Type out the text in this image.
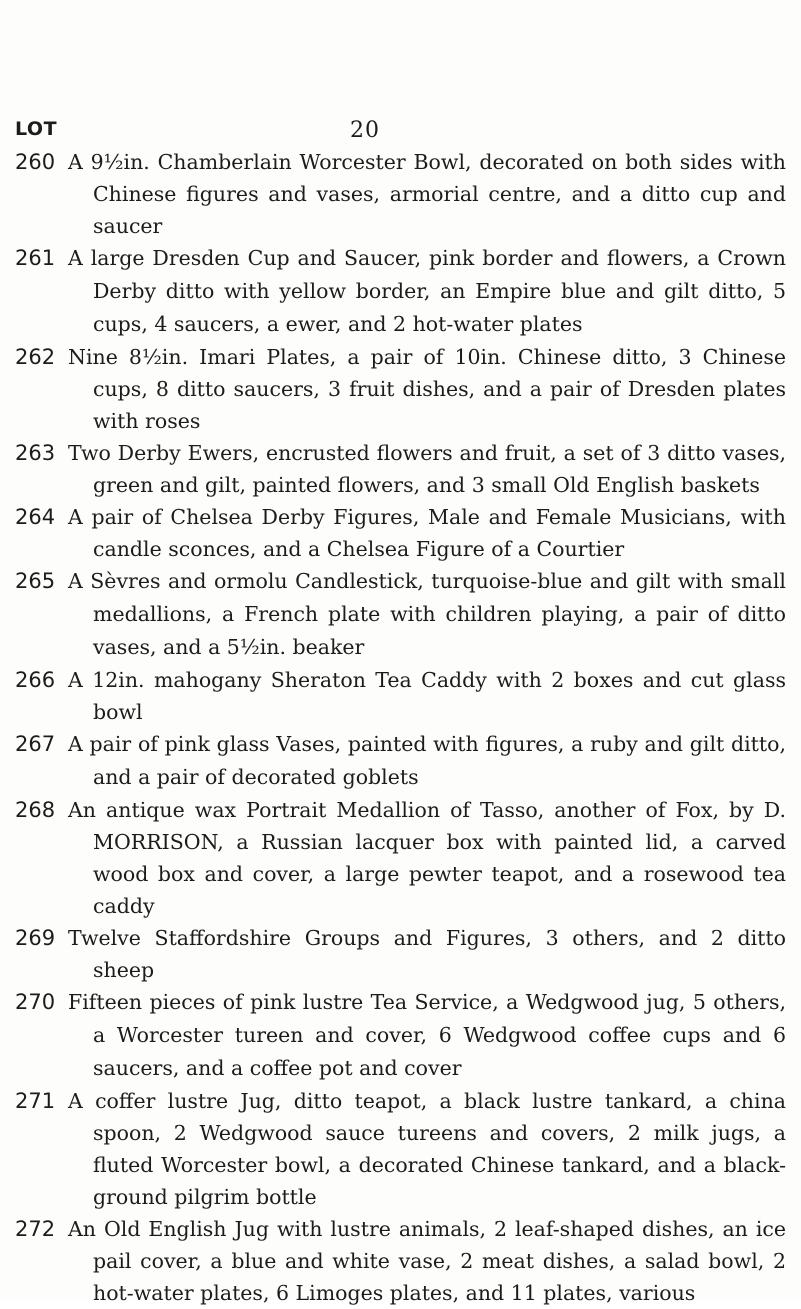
LOT	20
260 A 9½in. Chamberlain Worcester Bowl, decorated on both sides with Chinese figures and vases, armorial centre, and a ditto cup and saucer
261 A large Dresden Cup and Saucer, pink border and flowers, a Crown Derby ditto with yellow border, an Empire blue and gilt ditto, 5 cups, 4 saucers, a ewer, and 2 hot-water plates
262 Nine 8½in. Imari Plates, a pair of 10in. Chinese ditto, 3 Chinese cups, 8 ditto saucers, 3 fruit dishes, and a pair of Dresden plates with roses
263 Two Derby Ewers, encrusted flowers and fruit, a set of 3 ditto vases, green and gilt, painted flowers, and 3 small Old English baskets
264 A pair of Chelsea Derby Figures, Male and Female Musicians, with candle sconces, and a Chelsea Figure of a Courtier
265 A Sèvres and ormolu Candlestick, turquoise-blue and gilt with small medallions, a French plate with children playing, a pair of ditto vases, and a 5½in. beaker
266 A 12in. mahogany Sheraton Tea Caddy with 2 boxes and cut glass bowl
267 A pair of pink glass Vases, painted with figures, a ruby and gilt ditto, and a pair of decorated goblets
268 An antique wax Portrait Medallion of Tasso, another of Fox, by D. MORRISON, a Russian lacquer box with painted lid, a carved wood box and cover, a large pewter teapot, and a rosewood tea caddy
269 Twelve Staffordshire Groups and Figures, 3 others, and 2 ditto sheep
270 Fifteen pieces of pink lustre Tea Service, a Wedgwood jug, 5 others, a Worcester tureen and cover, 6 Wedgwood coffee cups and 6 saucers, and a coffee pot and cover
271 A coffer lustre Jug, ditto teapot, a black lustre tankard, a china spoon, 2 Wedgwood sauce tureens and covers, 2 milk jugs, a fluted Worcester bowl, a decorated Chinese tankard, and a black-ground pilgrim bottle
272 An Old English Jug with lustre animals, 2 leaf-shaped dishes, an ice pail cover, a blue and white vase, 2 meat dishes, a salad bowl, 2 hot-water plates, 6 Limoges plates, and 11 plates, various
